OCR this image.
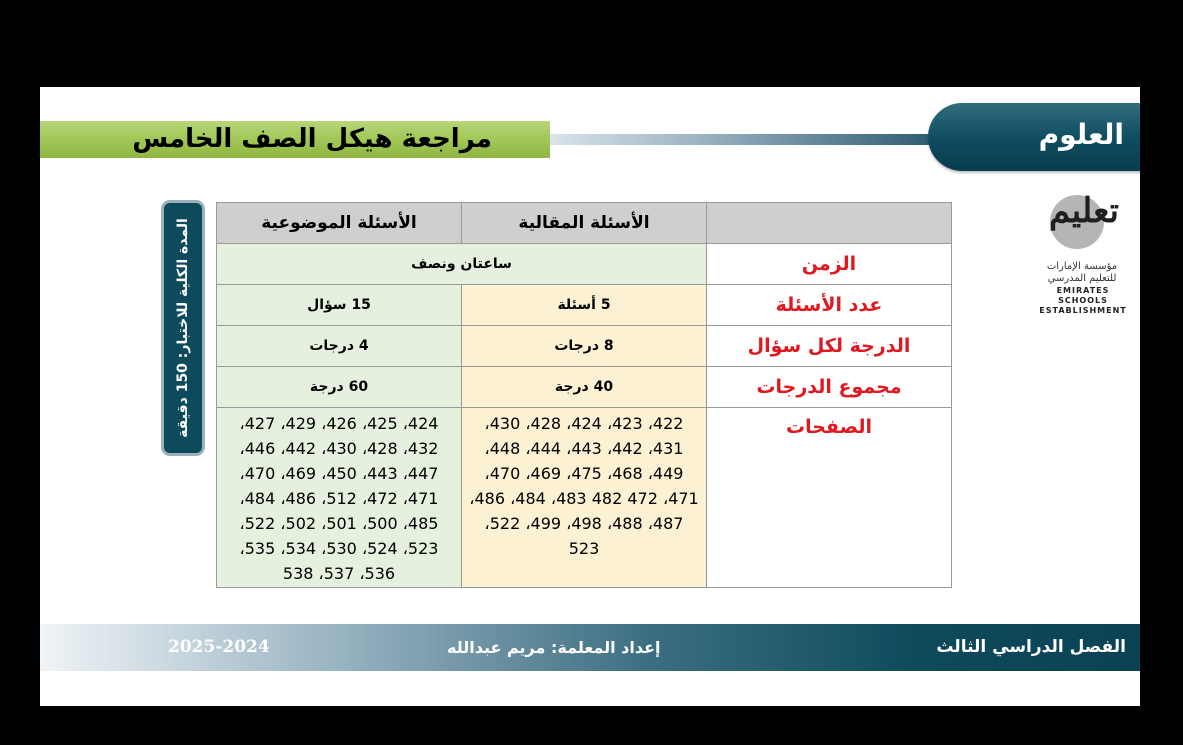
مراجعة هيكل الصف الخامس	العلوم
تعليم
مؤسسة الإمارات
للتعليم المدرسي
EMIRATES SCHOOLS
ESTABLISHMENT
المدة الكلية للاختبار: 150 دقيقة
		الأسئلة المقالية	الأسئلة الموضوعية
الزمن	ساعتان ونصف	
عدد الأسئلة	5 أسئلة	15 سؤال
الدرجة لكل سؤال	8 درجات	4 درجات
مجموع الدرجات	40 درجة	60 درجة
الصفحات	422، 423، 424، 428، 430، 431، 442، 443، 444، 448، 449، 468، 475، 469، 470، 471، 472 482 483، 484، 486، 487، 488، 498، 499، 522، 523	424، 425، 426، 429، 427، 432، 428، 430، 442، 446، 447، 443، 450، 469، 470، 471، 472، 512، 486، 484، 485، 500، 501، 502، 522، 523، 524، 530، 534، 535، 536، 537، 538
الفصل الدراسي الثالث
إعداد المعلمة: مريم عبدالله
2025-2024
